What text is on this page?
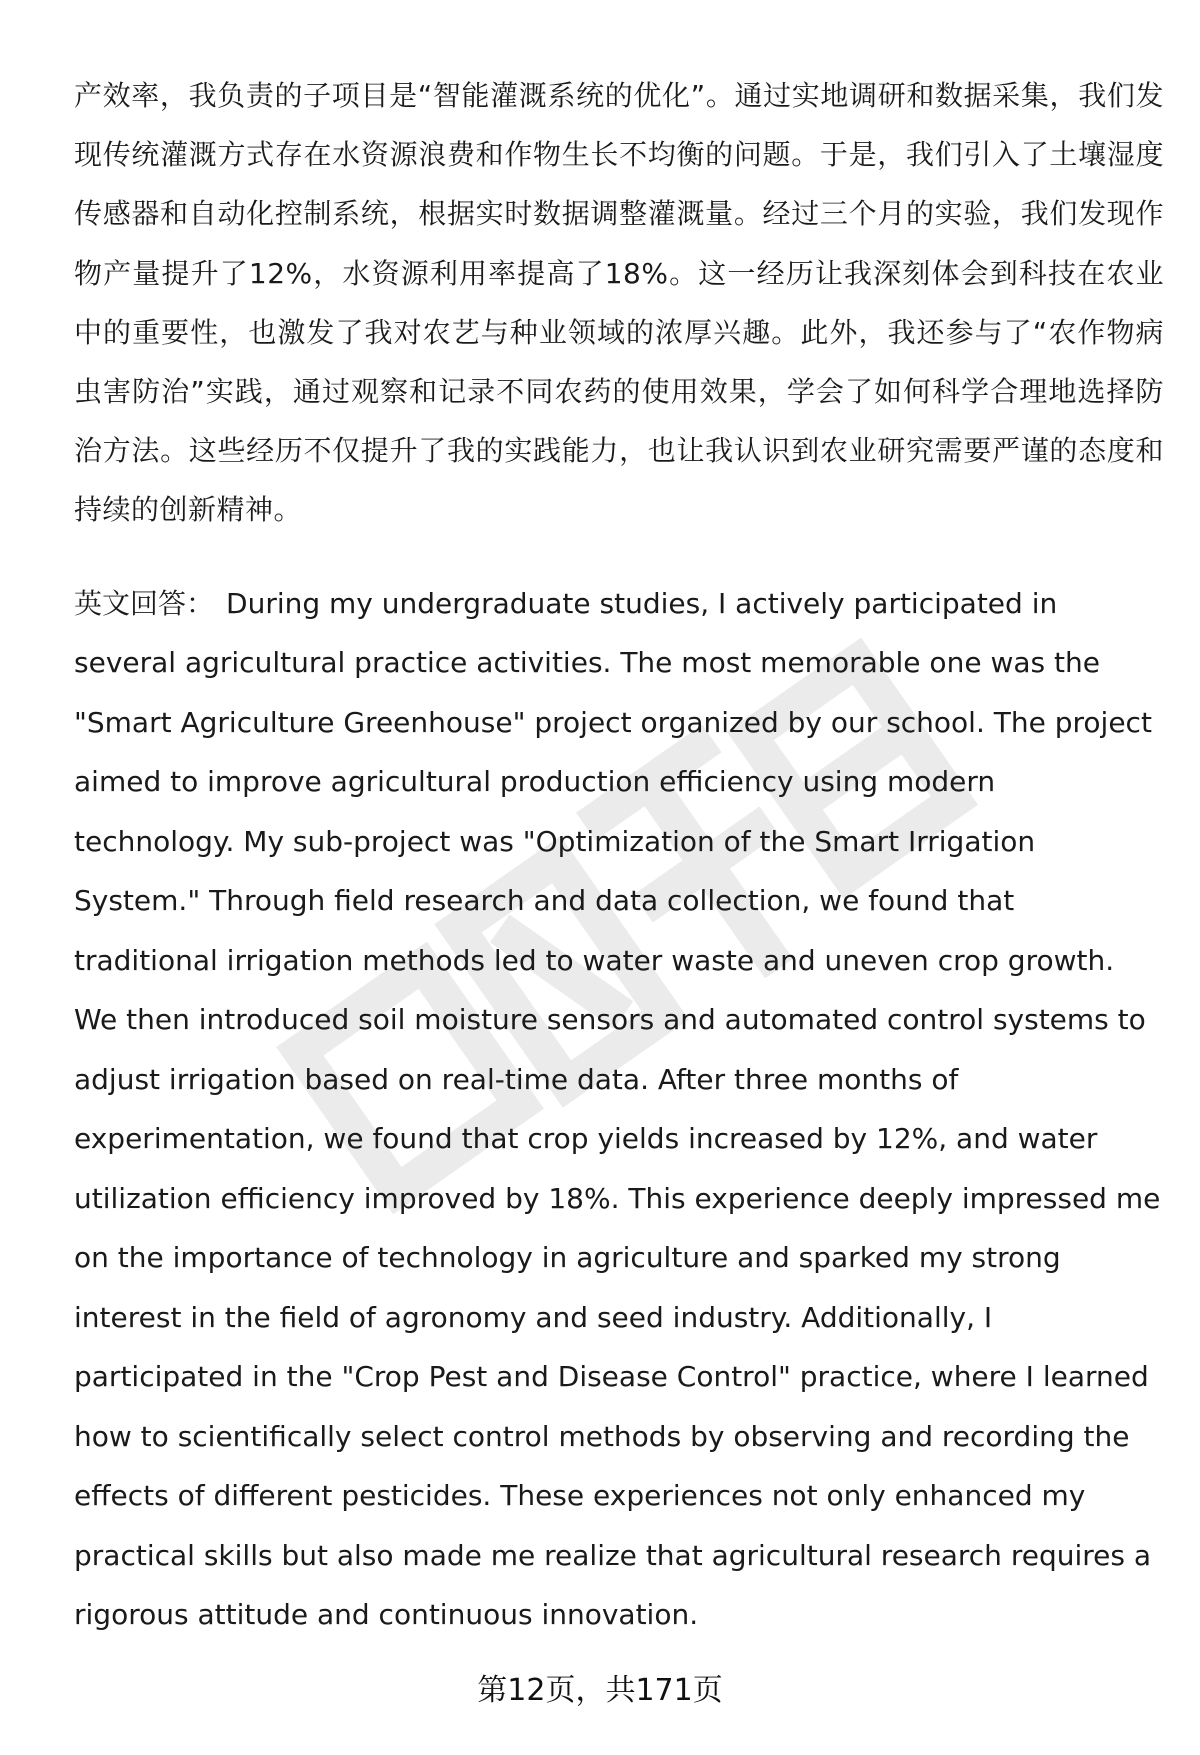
产效率，我负责的子项目是“智能灌溉系统的优化”。通过实地调研和数据采集，我们发现传统灌溉方式存在水资源浪费和作物生长不均衡的问题。于是，我们引入了土壤湿度传感器和自动化控制系统，根据实时数据调整灌溉量。经过三个月的实验，我们发现作物产量提升了12%，水资源利用率提高了18%。这一经历让我深刻体会到科技在农业中的重要性，也激发了我对农艺与种业领域的浓厚兴趣。此外，我还参与了“农作物病虫害防治”实践，通过观察和记录不同农药的使用效果，学会了如何科学合理地选择防治方法。这些经历不仅提升了我的实践能力，也让我认识到农业研究需要严谨的态度和持续的创新精神。

英文回答： During my undergraduate studies, I actively participated in several agricultural practice activities. The most memorable one was the "Smart Agriculture Greenhouse" project organized by our school. The project aimed to improve agricultural production efficiency using modern technology. My sub-project was "Optimization of the Smart Irrigation System." Through field research and data collection, we found that traditional irrigation methods led to water waste and uneven crop growth. We then introduced soil moisture sensors and automated control systems to adjust irrigation based on real-time data. After three months of experimentation, we found that crop yields increased by 12%, and water utilization efficiency improved by 18%. This experience deeply impressed me on the importance of technology in agriculture and sparked my strong interest in the field of agronomy and seed industry. Additionally, I participated in the "Crop Pest and Disease Control" practice, where I learned how to scientifically select control methods by observing and recording the effects of different pesticides. These experiences not only enhanced my practical skills but also made me realize that agricultural research requires a rigorous attitude and continuous innovation.

第12页，共171页
